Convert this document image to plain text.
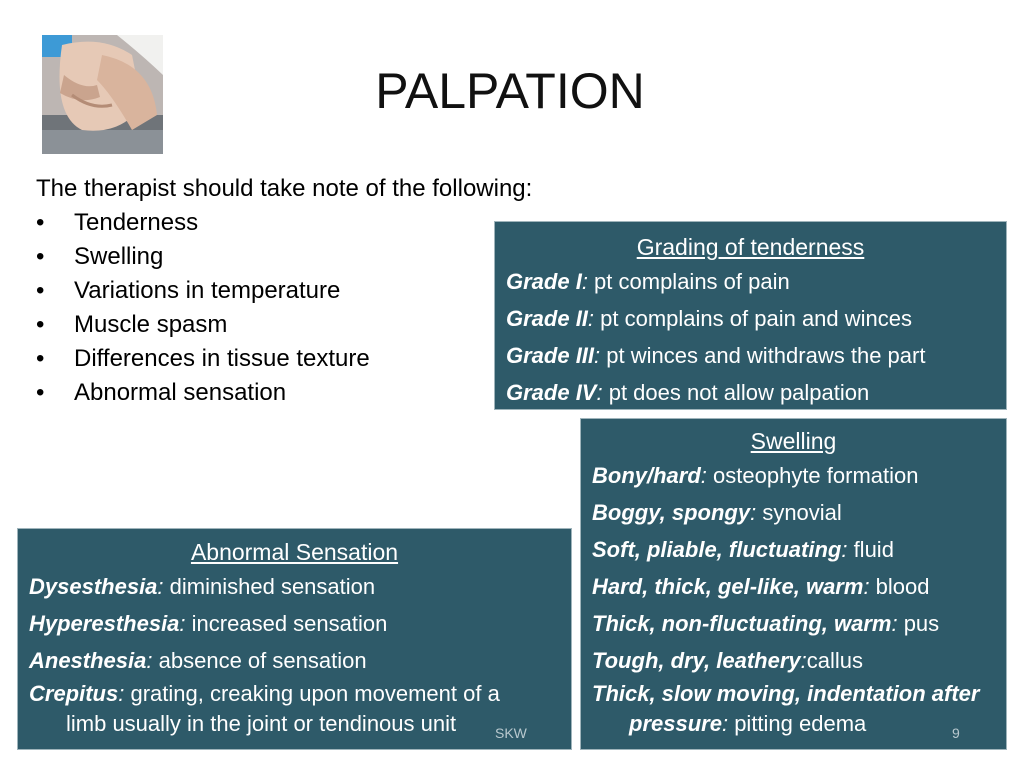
PALPATION
The therapist should take note of the following:
• Tenderness
• Swelling
• Variations in temperature
• Muscle spasm
• Differences in tissue texture
• Abnormal sensation
Grading of tenderness
Grade I: pt complains of pain
Grade II: pt complains of pain and winces
Grade III: pt winces and withdraws the part
Grade IV: pt does not allow palpation
Swelling
Bony/hard: osteophyte formation
Boggy, spongy: synovial
Soft, pliable, fluctuating: fluid
Hard, thick, gel-like, warm: blood
Thick, non-fluctuating, warm: pus
Tough, dry, leathery:callus
Thick, slow moving, indentation after
pressure: pitting edema
Abnormal Sensation
Dysesthesia: diminished sensation
Hyperesthesia: increased sensation
Anesthesia: absence of sensation
Crepitus: grating, creaking upon movement of a
limb usually in the joint or tendinous unit	SKW	9
